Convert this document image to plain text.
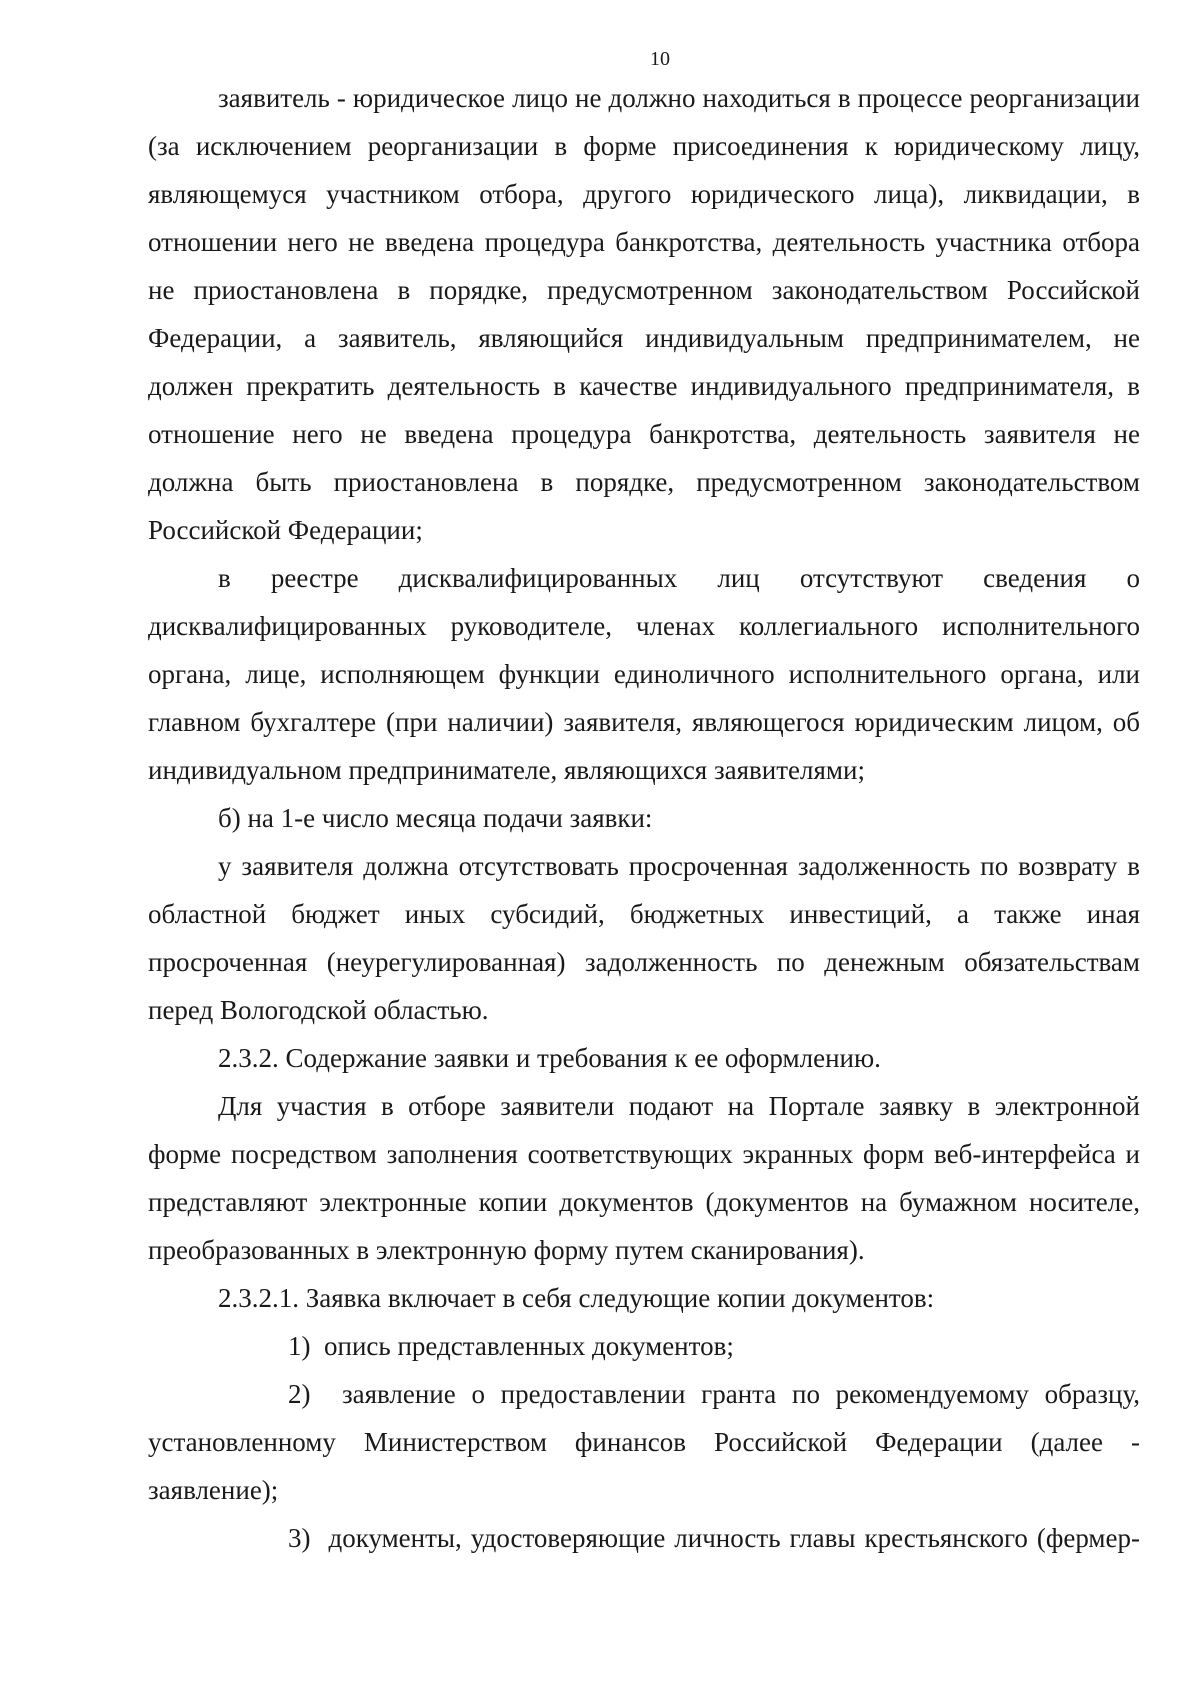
10

заявитель - юридическое лицо не должно находиться в процессе реорганизации (за исключением реорганизации в форме присоединения к юридическому лицу, являющемуся участником отбора, другого юридического лица), ликвидации, в отношении него не введена процедура банкротства, деятельность участника отбора не приостановлена в порядке, предусмотренном законодательством Российской Федерации, а заявитель, являющийся индивидуальным предпринимателем, не должен прекратить деятельность в качестве индивидуального предпринимателя, в отношение него не введена процедура банкротства, деятельность заявителя не должна быть приостановлена в порядке, предусмотренном законодательством Российской Федерации;

в реестре дисквалифицированных лиц отсутствуют сведения о дисквалифицированных руководителе, членах коллегиального исполнительного органа, лице, исполняющем функции единоличного исполнительного органа, или главном бухгалтере (при наличии) заявителя, являющегося юридическим лицом, об индивидуальном предпринимателе, являющихся заявителями;

б) на 1-е число месяца подачи заявки:

у заявителя должна отсутствовать просроченная задолженность по возврату в областной бюджет иных субсидий, бюджетных инвестиций, а также иная просроченная (неурегулированная) задолженность по денежным обязательствам перед Вологодской областью.

2.3.2. Содержание заявки и требования к ее оформлению.

Для участия в отборе заявители подают на Портале заявку в электронной форме посредством заполнения соответствующих экранных форм веб-интерфейса и представляют электронные копии документов (документов на бумажном носителе, преобразованных в электронную форму путем сканирования).

2.3.2.1. Заявка включает в себя следующие копии документов:

1) опись представленных документов;

2) заявление о предоставлении гранта по рекомендуемому образцу, установленному Министерством финансов Российской Федерации (далее - заявление);

3) документы, удостоверяющие личность главы крестьянского (фермер-
